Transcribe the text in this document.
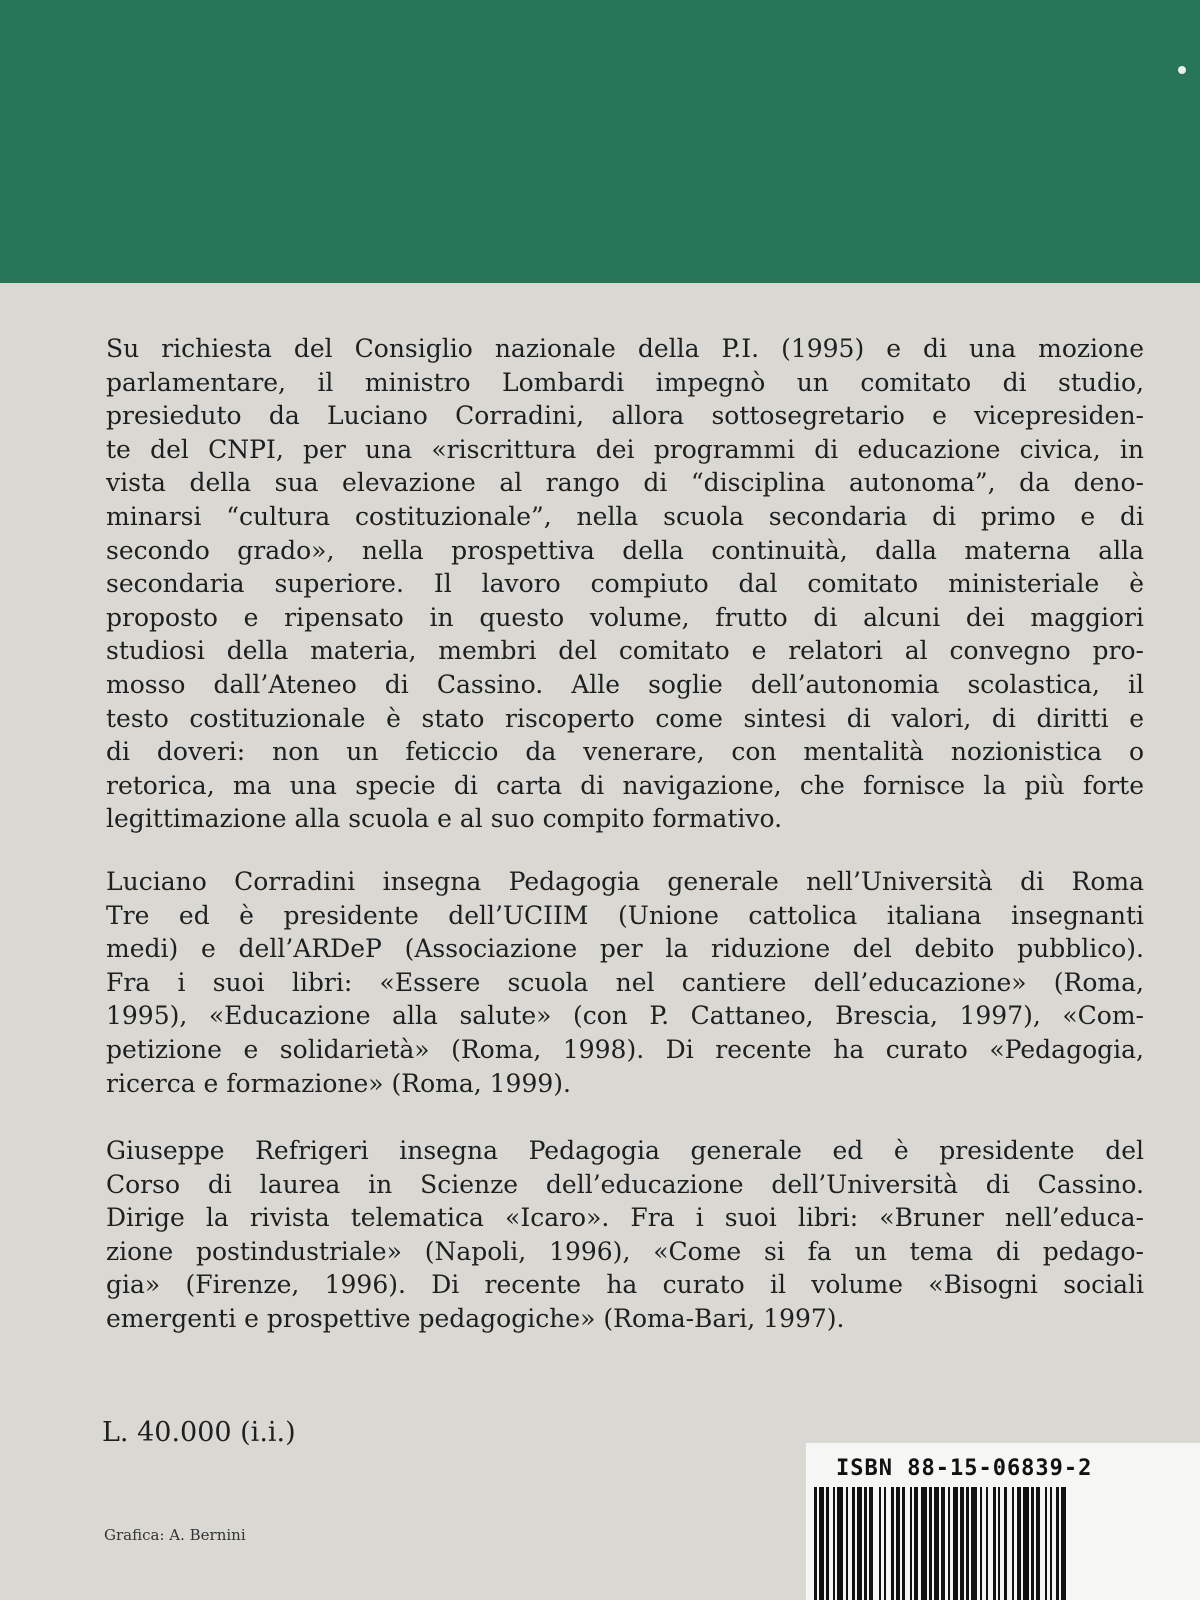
Su richiesta del Consiglio nazionale della P.I. (1995) e di una mozione
parlamentare, il ministro Lombardi impegnò un comitato di studio,
presieduto da Luciano Corradini, allora sottosegretario e vicepresiden-
te del CNPI, per una «riscrittura dei programmi di educazione civica, in
vista della sua elevazione al rango di “disciplina autonoma”, da deno-
minarsi “cultura costituzionale”, nella scuola secondaria di primo e di
secondo grado», nella prospettiva della continuità, dalla materna alla
secondaria superiore. Il lavoro compiuto dal comitato ministeriale è
proposto e ripensato in questo volume, frutto di alcuni dei maggiori
studiosi della materia, membri del comitato e relatori al convegno pro-
mosso dall’Ateneo di Cassino. Alle soglie dell’autonomia scolastica, il
testo costituzionale è stato riscoperto come sintesi di valori, di diritti e
di doveri: non un feticcio da venerare, con mentalità nozionistica o
retorica, ma una specie di carta di navigazione, che fornisce la più forte
legittimazione alla scuola e al suo compito formativo.
Luciano Corradini insegna Pedagogia generale nell’Università di Roma
Tre ed è presidente dell’UCIIM (Unione cattolica italiana insegnanti
medi) e dell’ARDeP (Associazione per la riduzione del debito pubblico).
Fra i suoi libri: «Essere scuola nel cantiere dell’educazione» (Roma,
1995), «Educazione alla salute» (con P. Cattaneo, Brescia, 1997), «Com-
petizione e solidarietà» (Roma, 1998). Di recente ha curato «Pedagogia,
ricerca e formazione» (Roma, 1999).
Giuseppe Refrigeri insegna Pedagogia generale ed è presidente del
Corso di laurea in Scienze dell’educazione dell’Università di Cassino.
Dirige la rivista telematica «Icaro». Fra i suoi libri: «Bruner nell’educa-
zione postindustriale» (Napoli, 1996), «Come si fa un tema di pedago-
gia» (Firenze, 1996). Di recente ha curato il volume «Bisogni sociali
emergenti e prospettive pedagogiche» (Roma-Bari, 1997).
L. 40.000 (i.i.)
Grafica: A. Bernini
ISBN 88-15-06839-2
